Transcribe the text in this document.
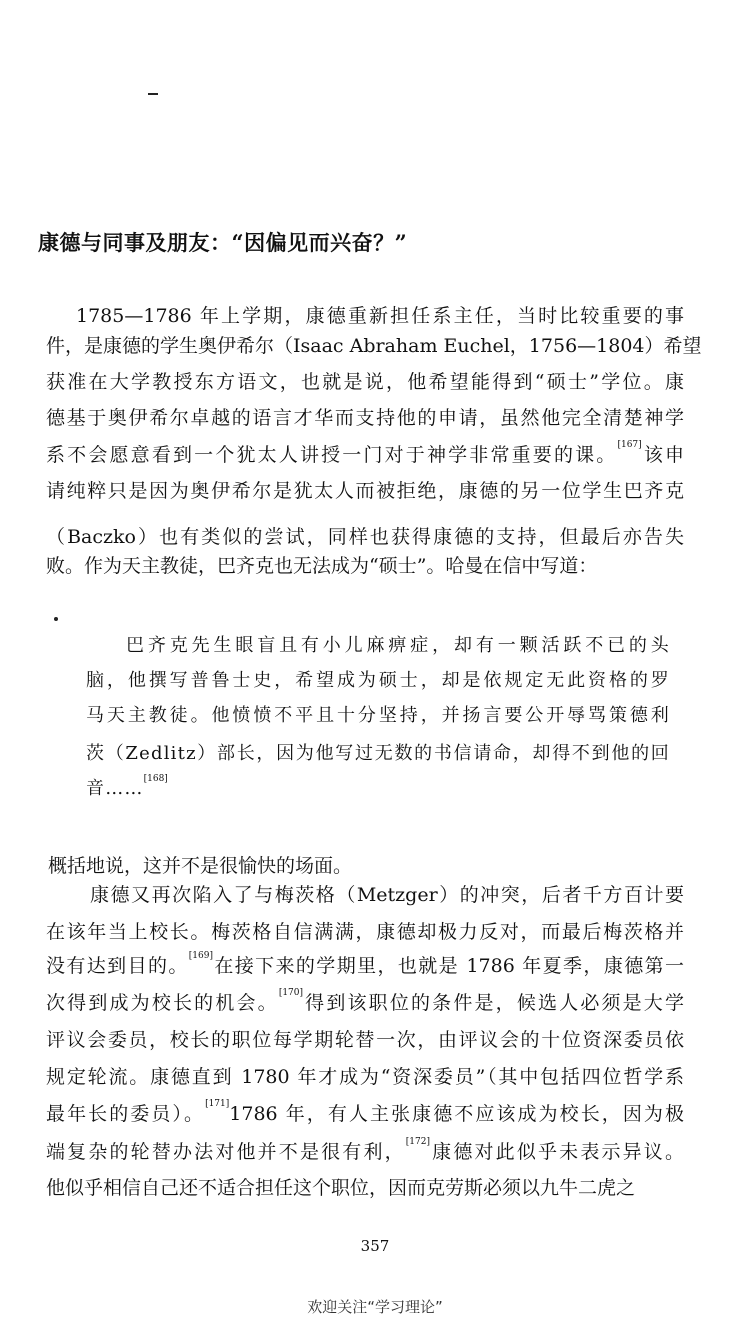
康德与同事及朋友：“因偏见而兴奋？”
1785—1786 年上学期，康德重新担任系主任，当时比较重要的事
件，是康德的学生奥伊希尔（Isaac Abraham Euchel，1756—1804）希望
获准在大学教授东方语文，也就是说，他希望能得到“硕士”学位。康
德基于奥伊希尔卓越的语言才华而支持他的申请，虽然他完全清楚神学
系不会愿意看到一个犹太人讲授一门对于神学非常重要的课。[167]该申
请纯粹只是因为奥伊希尔是犹太人而被拒绝，康德的另一位学生巴齐克
（Baczko）也有类似的尝试，同样也获得康德的支持，但最后亦告失
败。作为天主教徒，巴齐克也无法成为“硕士”。哈曼在信中写道：
巴齐克先生眼盲且有小儿麻痹症，却有一颗活跃不已的头
脑，他撰写普鲁士史，希望成为硕士，却是依规定无此资格的罗
马天主教徒。他愤愤不平且十分坚持，并扬言要公开辱骂策德利
茨（Zedlitz）部长，因为他写过无数的书信请命，却得不到他的回
音……[168]
概括地说，这并不是很愉快的场面。
康德又再次陷入了与梅茨格（Metzger）的冲突，后者千方百计要
在该年当上校长。梅茨格自信满满，康德却极力反对，而最后梅茨格并
没有达到目的。[169]在接下来的学期里，也就是 1786 年夏季，康德第一
次得到成为校长的机会。[170]得到该职位的条件是，候选人必须是大学
评议会委员，校长的职位每学期轮替一次，由评议会的十位资深委员依
规定轮流。康德直到 1780 年才成为“资深委员”（其中包括四位哲学系
最年长的委员）。[171]1786 年，有人主张康德不应该成为校长，因为极
端复杂的轮替办法对他并不是很有利，[172]康德对此似乎未表示异议。
他似乎相信自己还不适合担任这个职位，因而克劳斯必须以九牛二虎之
357
欢迎关注“学习理论”
